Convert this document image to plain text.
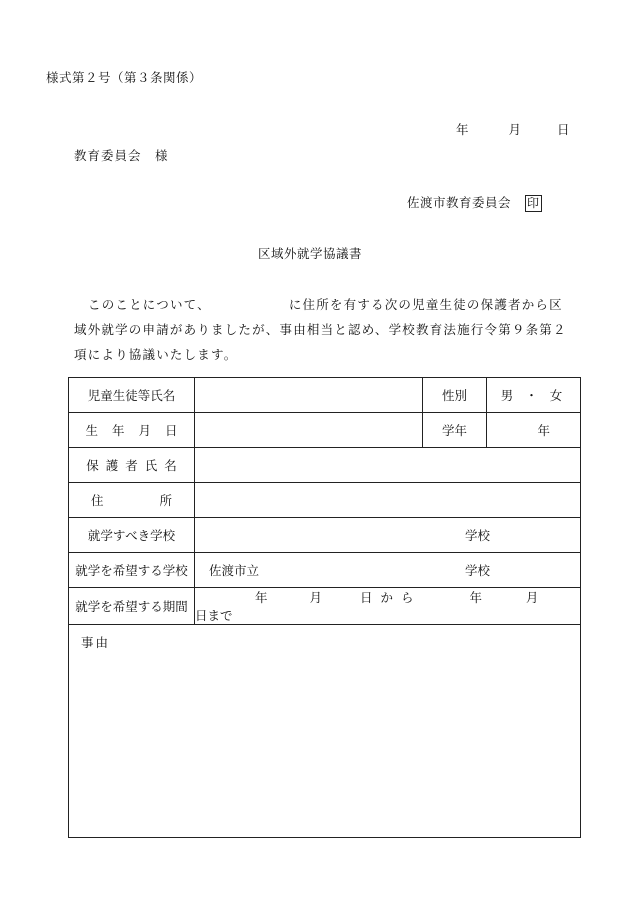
様式第２号（第３条関係）
年	月	日
教育委員会　様
佐渡市教育委員会 印
区域外就学協議書
このことについて、	に住所を有する次の児童生徒の保護者から区域外就学の申請がありましたが、事由相当と認め、学校教育法施行令第９条第２項により協議いたします。
児童生徒等氏名		性別	男 ・ 女
生年月日		学年	年
保護者氏名			
住 所			
就学すべき学校	学校		
就学を希望する学校	佐渡市立 学校		

就学を希望する期間	年 月 日から 年 月  日まで		
事由			
